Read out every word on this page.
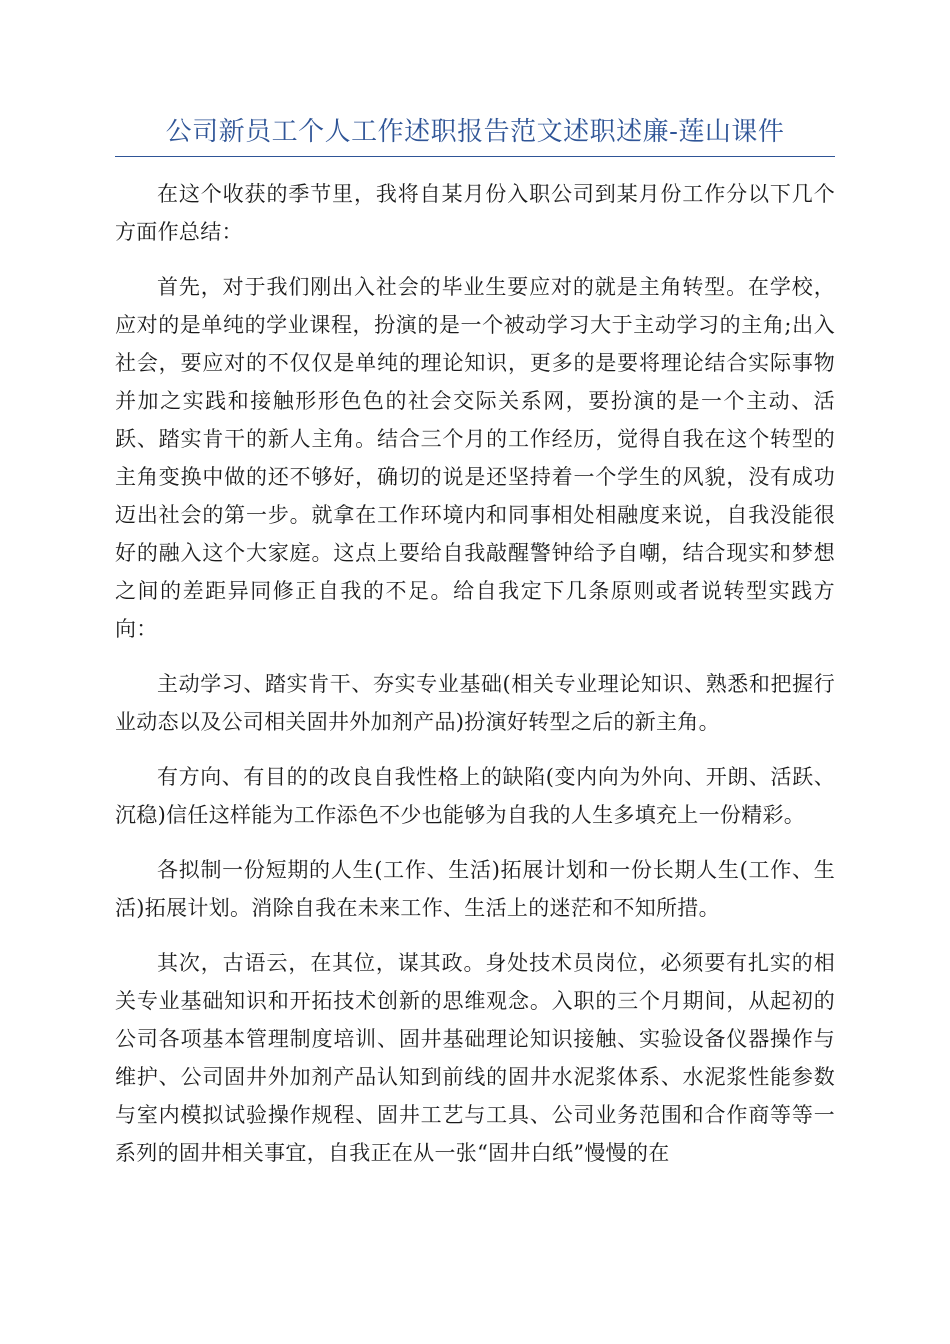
公司新员工个人工作述职报告范文述职述廉-莲山课件

在这个收获的季节里，我将自某月份入职公司到某月份工作分以下几个方面作总结：

首先，对于我们刚出入社会的毕业生要应对的就是主角转型。在学校，应对的是单纯的学业课程，扮演的是一个被动学习大于主动学习的主角;出入社会，要应对的不仅仅是单纯的理论知识，更多的是要将理论结合实际事物并加之实践和接触形形色色的社会交际关系网，要扮演的是一个主动、活跃、踏实肯干的新人主角。结合三个月的工作经历，觉得自我在这个转型的主角变换中做的还不够好，确切的说是还坚持着一个学生的风貌，没有成功迈出社会的第一步。就拿在工作环境内和同事相处相融度来说，自我没能很好的融入这个大家庭。这点上要给自我敲醒警钟给予自嘲，结合现实和梦想之间的差距异同修正自我的不足。给自我定下几条原则或者说转型实践方向：

主动学习、踏实肯干、夯实专业基础(相关专业理论知识、熟悉和把握行业动态以及公司相关固井外加剂产品)扮演好转型之后的新主角。

有方向、有目的的改良自我性格上的缺陷(变内向为外向、开朗、活跃、沉稳)信任这样能为工作添色不少也能够为自我的人生多填充上一份精彩。

各拟制一份短期的人生(工作、生活)拓展计划和一份长期人生(工作、生活)拓展计划。消除自我在未来工作、生活上的迷茫和不知所措。

其次，古语云，在其位，谋其政。身处技术员岗位，必须要有扎实的相关专业基础知识和开拓技术创新的思维观念。入职的三个月期间，从起初的公司各项基本管理制度培训、固井基础理论知识接触、实验设备仪器操作与维护、公司固井外加剂产品认知到前线的固井水泥浆体系、水泥浆性能参数与室内模拟试验操作规程、固井工艺与工具、公司业务范围和合作商等等一系列的固井相关事宜，自我正在从一张“固井白纸”慢慢的在
